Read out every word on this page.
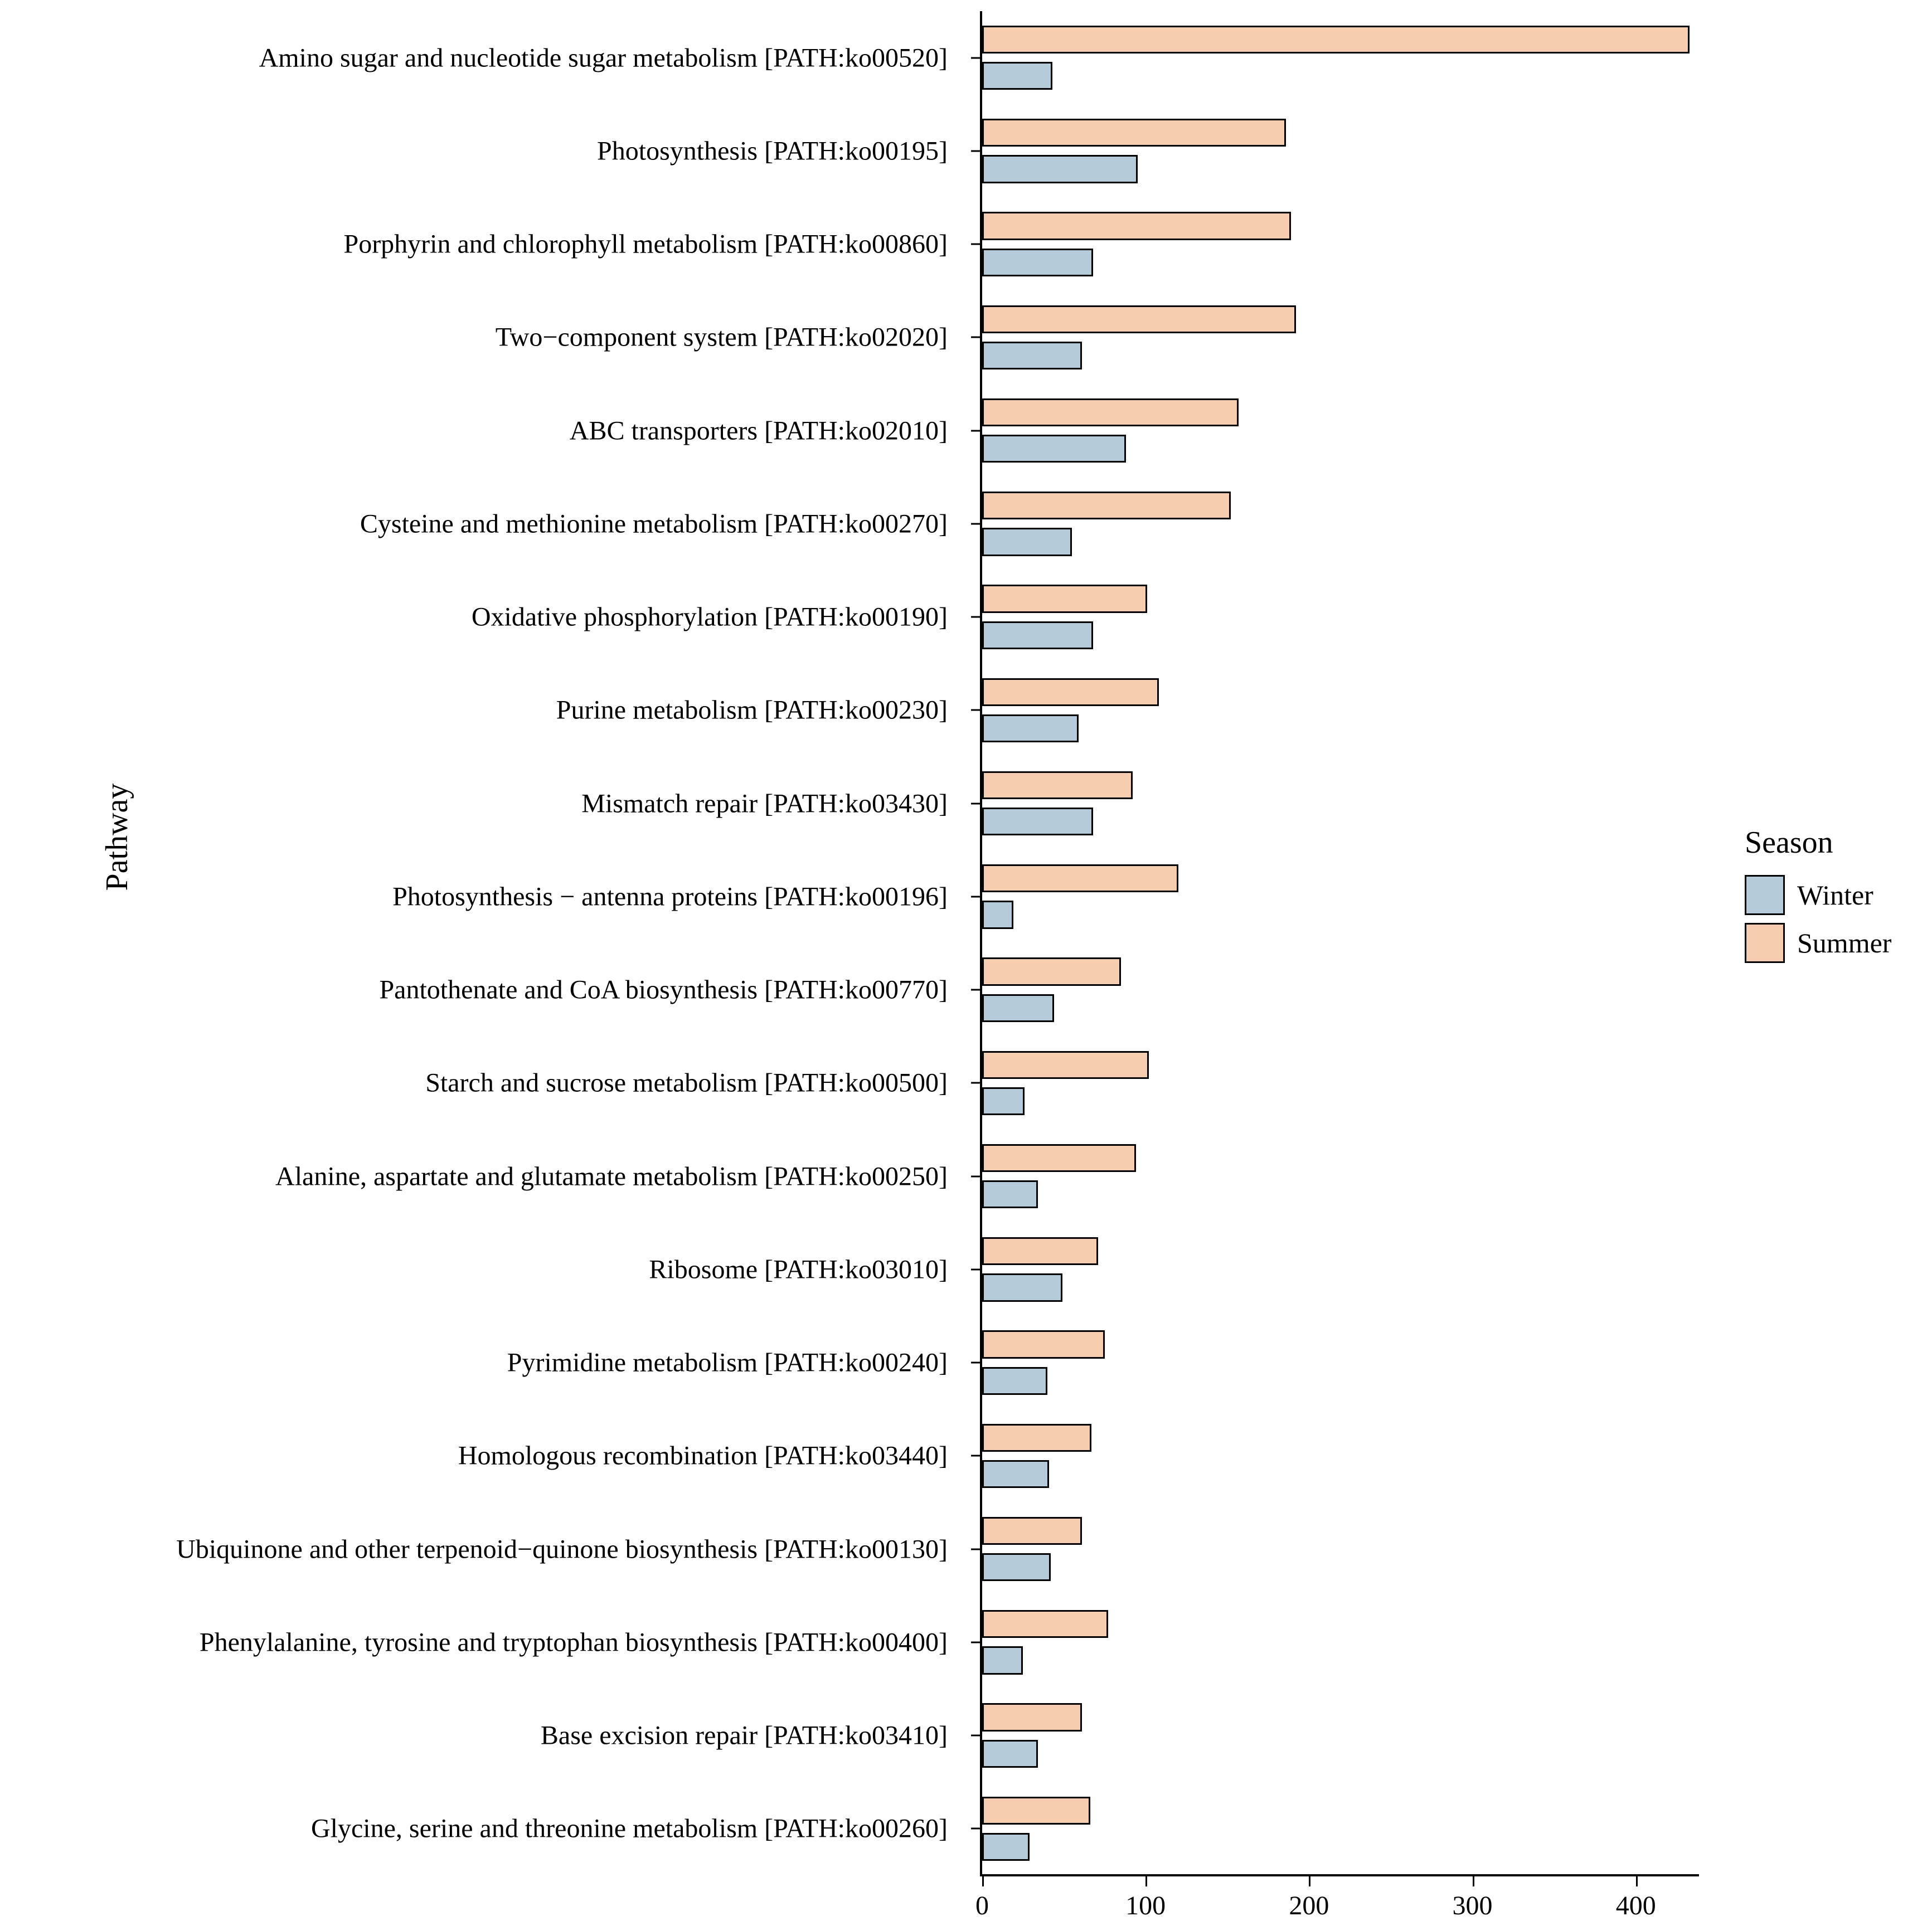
Pathway
Amino sugar and nucleotide sugar metabolism [PATH:ko00520]
Photosynthesis [PATH:ko00195]
Porphyrin and chlorophyll metabolism [PATH:ko00860]
Two−component system [PATH:ko02020]
ABC transporters [PATH:ko02010]
Cysteine and methionine metabolism [PATH:ko00270]
Oxidative phosphorylation [PATH:ko00190]
Purine metabolism [PATH:ko00230]
Mismatch repair [PATH:ko03430]
Photosynthesis − antenna proteins [PATH:ko00196]
Pantothenate and CoA biosynthesis [PATH:ko00770]
Starch and sucrose metabolism [PATH:ko00500]
Alanine, aspartate and glutamate metabolism [PATH:ko00250]
Ribosome [PATH:ko03010]
Pyrimidine metabolism [PATH:ko00240]
Homologous recombination [PATH:ko03440]
Ubiquinone and other terpenoid−quinone biosynthesis [PATH:ko00130]
Phenylalanine, tyrosine and tryptophan biosynthesis [PATH:ko00400]
Base excision repair [PATH:ko03410]
Glycine, serine and threonine metabolism [PATH:ko00260]
0	100	200	300	400
Season
Winter
Summer
